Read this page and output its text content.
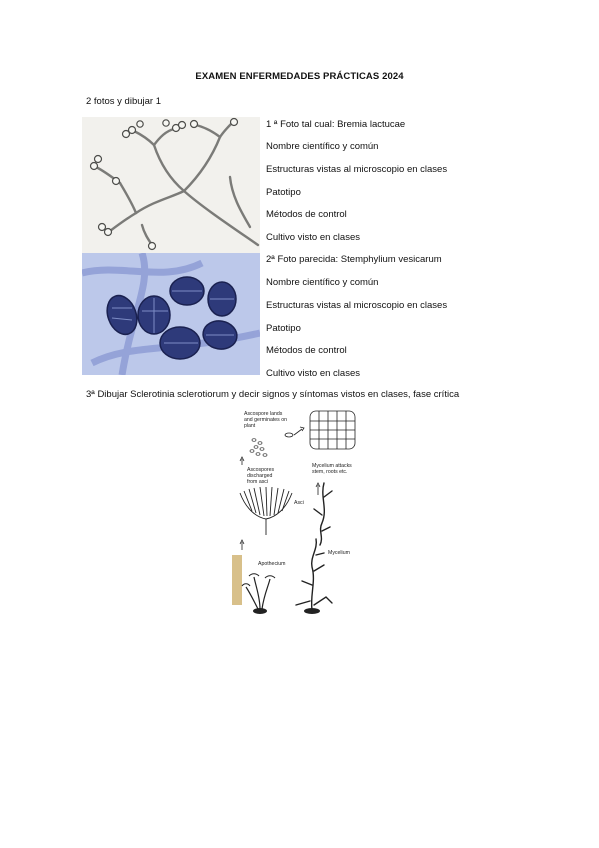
EXAMEN ENFERMEDADES PRÁCTICAS 2024
2 fotos y dibujar 1
1 ª Foto tal cual: Bremia lactucae
Nombre científico y común
Estructuras vistas al microscopio en clases
Patotipo
Métodos de control
Cultivo visto en clases
2ª Foto parecida: Stemphylium vesicarum
Nombre científico y común
Estructuras vistas al microscopio en clases
Patotipo
Métodos de control
Cultivo visto en clases
3ª Dibujar Sclerotinia sclerotiorum y decir signos y síntomas vistos en clases, fase crítica
Ascospore lands
and germinates on
plant
Ascospores
discharged
from asci
Mycelium attacks
stem, roots etc.
Asci
Mycelium
Apothecium
